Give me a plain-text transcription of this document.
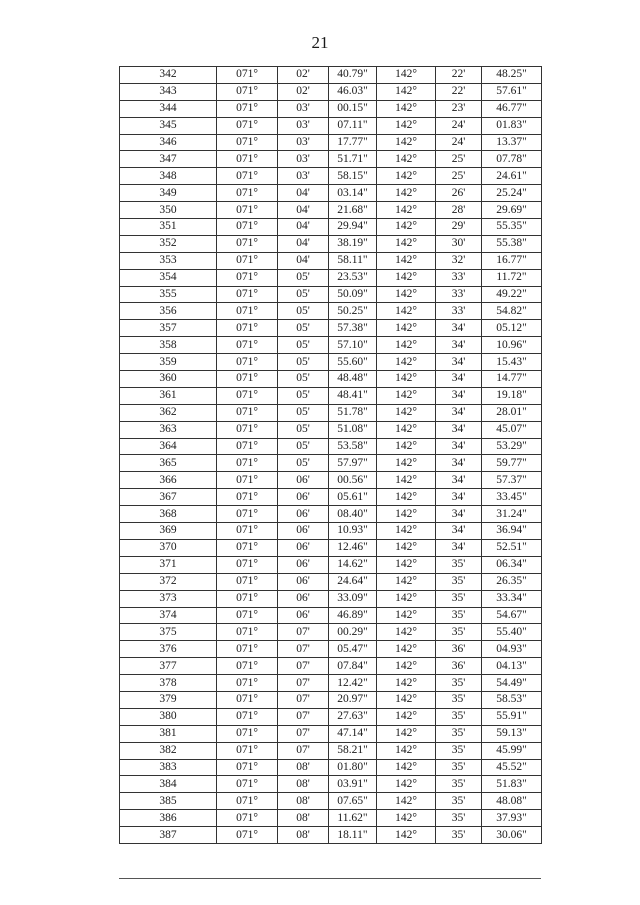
21
342	071°	02'	40.79"	142°	22'	48.25"
343	071°	02'	46.03"	142°	22'	57.61"
344	071°	03'	00.15"	142°	23'	46.77"
345	071°	03'	07.11"	142°	24'	01.83"
346	071°	03'	17.77"	142°	24'	13.37"
347	071°	03'	51.71"	142°	25'	07.78"
348	071°	03'	58.15"	142°	25'	24.61"
349	071°	04'	03.14"	142°	26'	25.24"
350	071°	04'	21.68"	142°	28'	29.69"
351	071°	04'	29.94"	142°	29'	55.35"
352	071°	04'	38.19"	142°	30'	55.38"
353	071°	04'	58.11"	142°	32'	16.77"
354	071°	05'	23.53"	142°	33'	11.72"
355	071°	05'	50.09"	142°	33'	49.22"
356	071°	05'	50.25"	142°	33'	54.82"
357	071°	05'	57.38"	142°	34'	05.12"
358	071°	05'	57.10"	142°	34'	10.96"
359	071°	05'	55.60"	142°	34'	15.43"
360	071°	05'	48.48"	142°	34'	14.77"
361	071°	05'	48.41"	142°	34'	19.18"
362	071°	05'	51.78"	142°	34'	28.01"
363	071°	05'	51.08"	142°	34'	45.07"
364	071°	05'	53.58"	142°	34'	53.29"
365	071°	05'	57.97"	142°	34'	59.77"
366	071°	06'	00.56"	142°	34'	57.37"
367	071°	06'	05.61"	142°	34'	33.45"
368	071°	06'	08.40"	142°	34'	31.24"
369	071°	06'	10.93"	142°	34'	36.94"
370	071°	06'	12.46"	142°	34'	52.51"
371	071°	06'	14.62"	142°	35'	06.34"
372	071°	06'	24.64"	142°	35'	26.35"
373	071°	06'	33.09"	142°	35'	33.34"
374	071°	06'	46.89"	142°	35'	54.67"
375	071°	07'	00.29"	142°	35'	55.40"
376	071°	07'	05.47"	142°	36'	04.93"
377	071°	07'	07.84"	142°	36'	04.13"
378	071°	07'	12.42"	142°	35'	54.49"
379	071°	07'	20.97"	142°	35'	58.53"
380	071°	07'	27.63"	142°	35'	55.91"
381	071°	07'	47.14"	142°	35'	59.13"
382	071°	07'	58.21"	142°	35'	45.99"
383	071°	08'	01.80"	142°	35'	45.52"
384	071°	08'	03.91"	142°	35'	51.83"
385	071°	08'	07.65"	142°	35'	48.08"
386	071°	08'	11.62"	142°	35'	37.93"
387	071°	08'	18.11"	142°	35'	30.06"
